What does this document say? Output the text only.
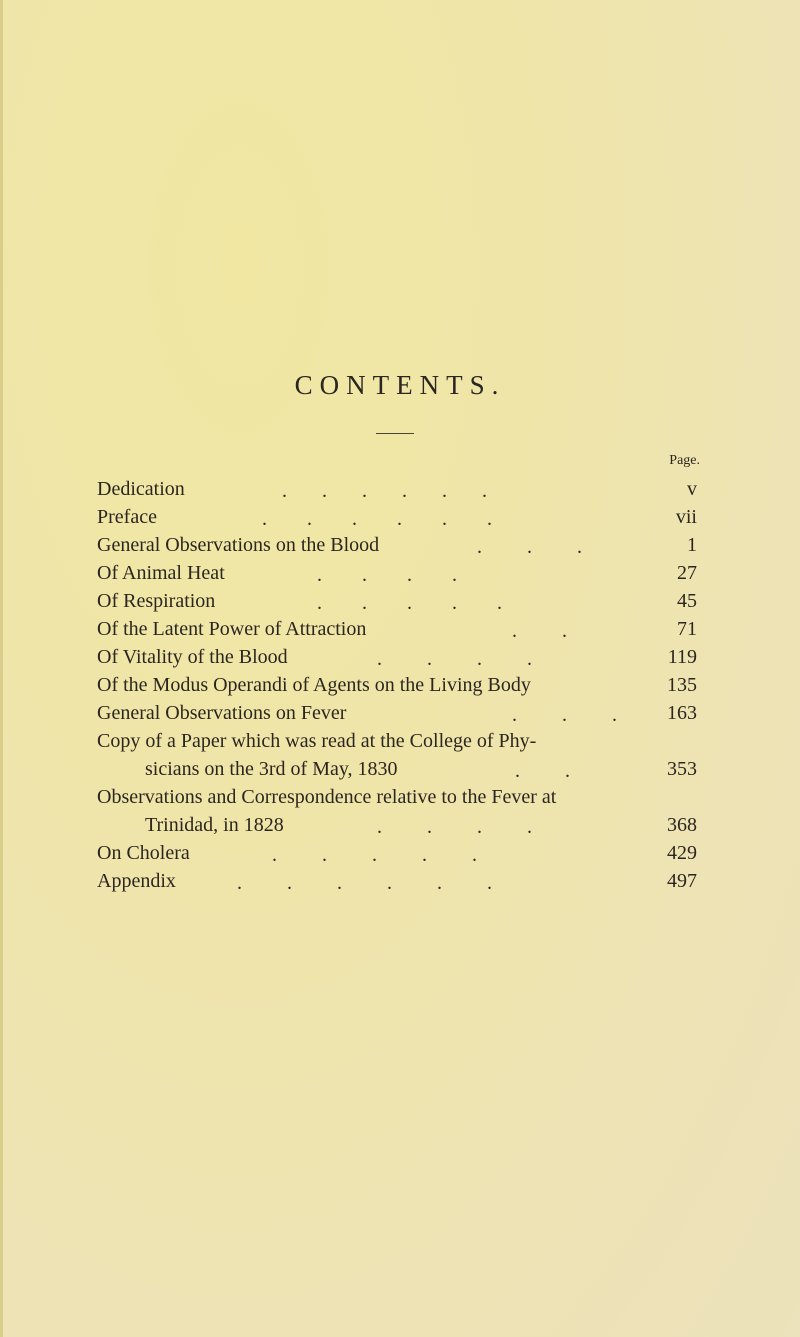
CONTENTS.
Page.
Dedication	.       .       .       .       .       .	v
Preface	.        .        .        .        .        .	vii
General Observations on the Blood	.         .         .	1
Of Animal Heat	.        .        .        .	27
Of Respiration	.        .        .        .        .	45
Of the Latent Power of Attraction	.         .	71
Of Vitality of the Blood	.         .         .         .	119
Of the Modus Operandi of Agents on the Living Body	135
General Observations on Fever	.         .         .	163
Copy of a Paper which was read at the College of Phy-
sicians on the 3rd of May, 1830	.         .	353
Observations and Correspondence relative to the Fever at
Trinidad, in 1828	.         .         .         .	368
On Cholera	.         .         .         .         .	429
Appendix	.         .         .         .         .         .	497
